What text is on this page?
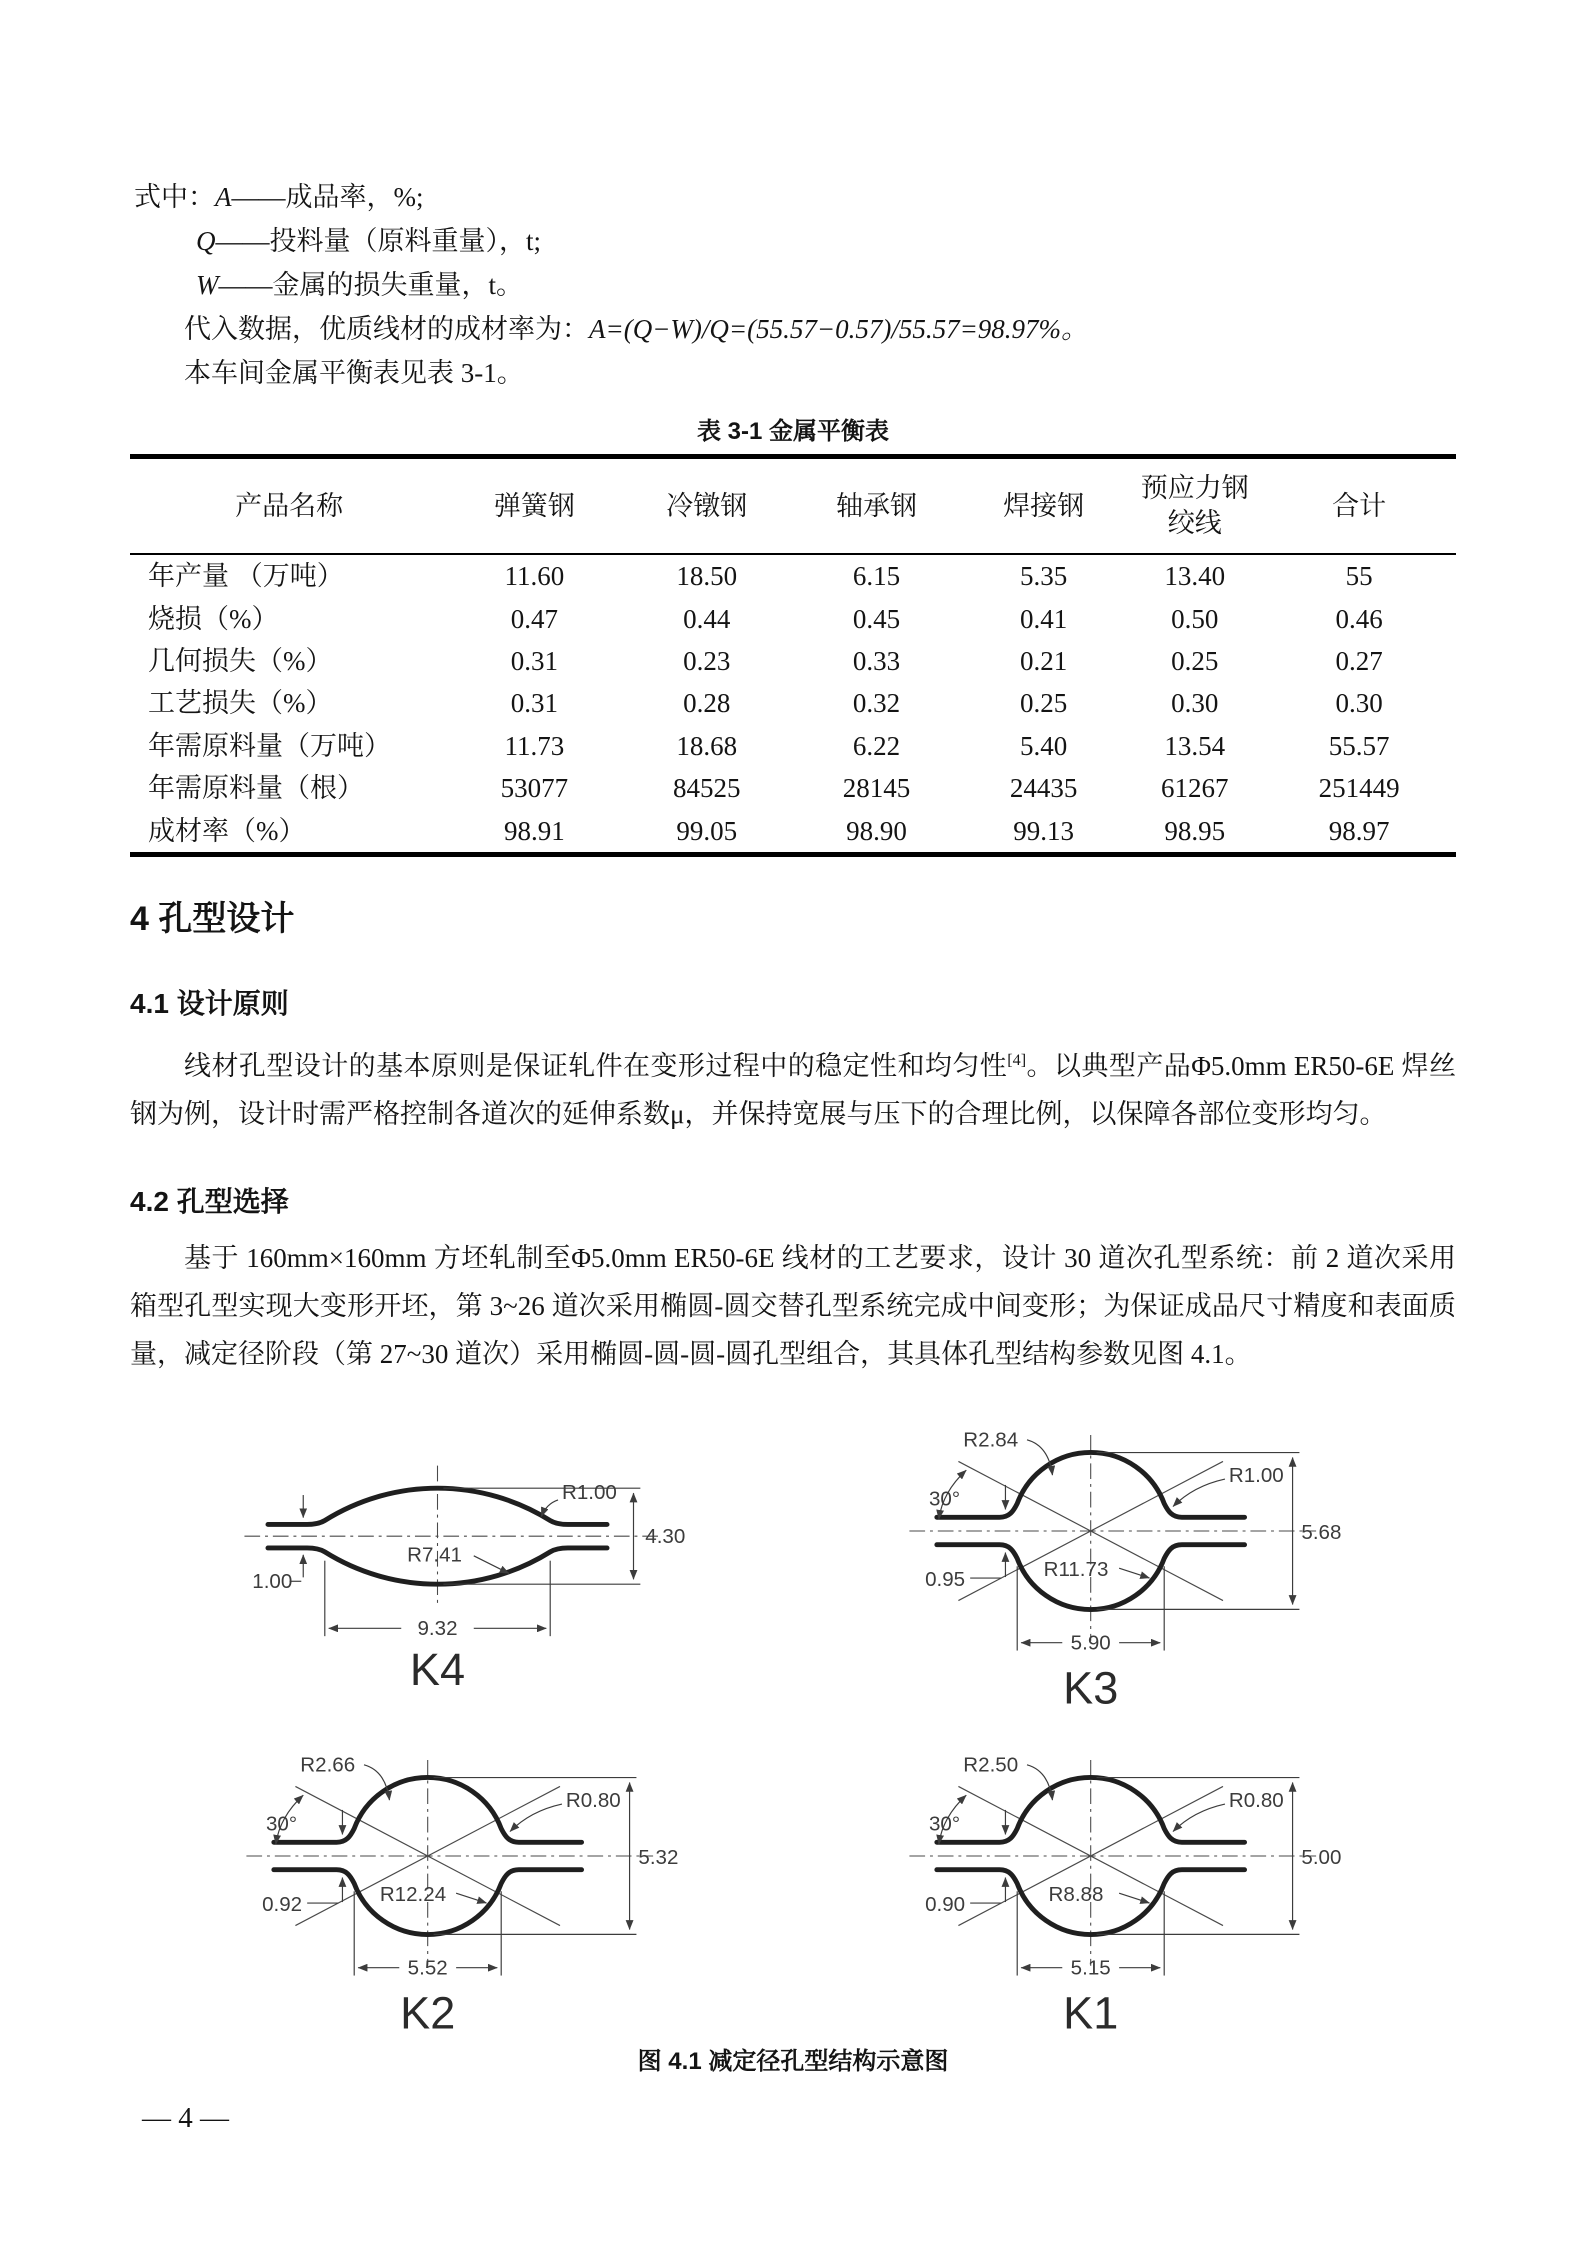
式中：A——成品率，%;

Q——投料量（原料重量），t;

W——金属的损失重量，t。

代入数据，优质线材的成材率为：A=(Q−W)/Q=(55.57−0.57)/55.57=98.97%。

本车间金属平衡表见表 3-1。

表 3-1 金属平衡表

产品名称	弹簧钢	冷镦钢	轴承钢	焊接钢	预应力钢绞线	合计
年产量 （万吨）	11.60	18.50	6.15	5.35	13.40	55
烧损（%）	0.47	0.44	0.45	0.41	0.50	0.46
几何损失（%）	0.31	0.23	0.33	0.21	0.25	0.27
工艺损失（%）	0.31	0.28	0.32	0.25	0.30	0.30
年需原料量（万吨）	11.73	18.68	6.22	5.40	13.54	55.57
年需原料量（根）	53077	84525	28145	24435	61267	251449
成材率（%）	98.91	99.05	98.90	99.13	98.95	98.97
4 孔型设计
4.1 设计原则

线材孔型设计的基本原则是保证轧件在变形过程中的稳定性和均匀性[4]。以典型产品Φ5.0mm ER50-6E 焊丝钢为例，设计时需严格控制各道次的延伸系数μ，并保持宽展与压下的合理比例，以保障各部位变形均匀。

4.2 孔型选择

基于 160mm×160mm 方坯轧制至Φ5.0mm ER50-6E 线材的工艺要求，设计 30 道次孔型系统：前 2 道次采用箱型孔型实现大变形开坯，第 3~26 道次采用椭圆-圆交替孔型系统完成中间变形；为保证成品尺寸精度和表面质量，减定径阶段（第 27~30 道次）采用椭圆-圆-圆-圆孔型组合，其具体孔型结构参数见图 4.1。

R1.00
4.30
R7.41
1.00
9.32
K4
R2.84
30°
R1.00
5.68
R11.73
0.95
5.90
K3
R2.66
30°
R0.80
5.32
R12.24
0.92
5.52
K2
R2.50
30°
R0.80
5.00
R8.88
0.90
5.15
K1

图 4.1 减定径孔型结构示意图

— 4 —
